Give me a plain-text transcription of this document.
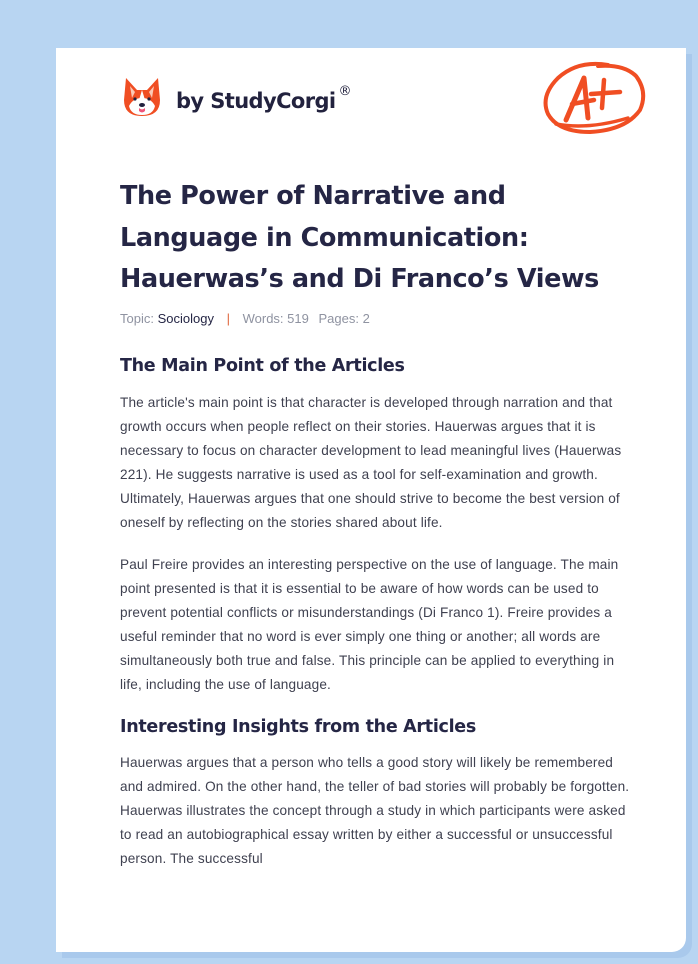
by StudyCorgi ®
The Power of Narrative and Language in Communication: Hauerwas’s and Di Franco’s Views
Topic: Sociology | Words: 519 Pages: 2
The Main Point of the Articles

The article's main point is that character is developed through narration and that growth occurs when people reflect on their stories. Hauerwas argues that it is necessary to focus on character development to lead meaningful lives (Hauerwas 221). He suggests narrative is used as a tool for self-examination and growth. Ultimately, Hauerwas argues that one should strive to become the best version of oneself by reflecting on the stories shared about life.

Paul Freire provides an interesting perspective on the use of language. The main point presented is that it is essential to be aware of how words can be used to prevent potential conflicts or misunderstandings (Di Franco 1). Freire provides a useful reminder that no word is ever simply one thing or another; all words are simultaneously both true and false. This principle can be applied to everything in life, including the use of language.

Interesting Insights from the Articles

Hauerwas argues that a person who tells a good story will likely be remembered and admired. On the other hand, the teller of bad stories will probably be forgotten. Hauerwas illustrates the concept through a study in which participants were asked to read an autobiographical essay written by either a successful or unsuccessful person. The successful
